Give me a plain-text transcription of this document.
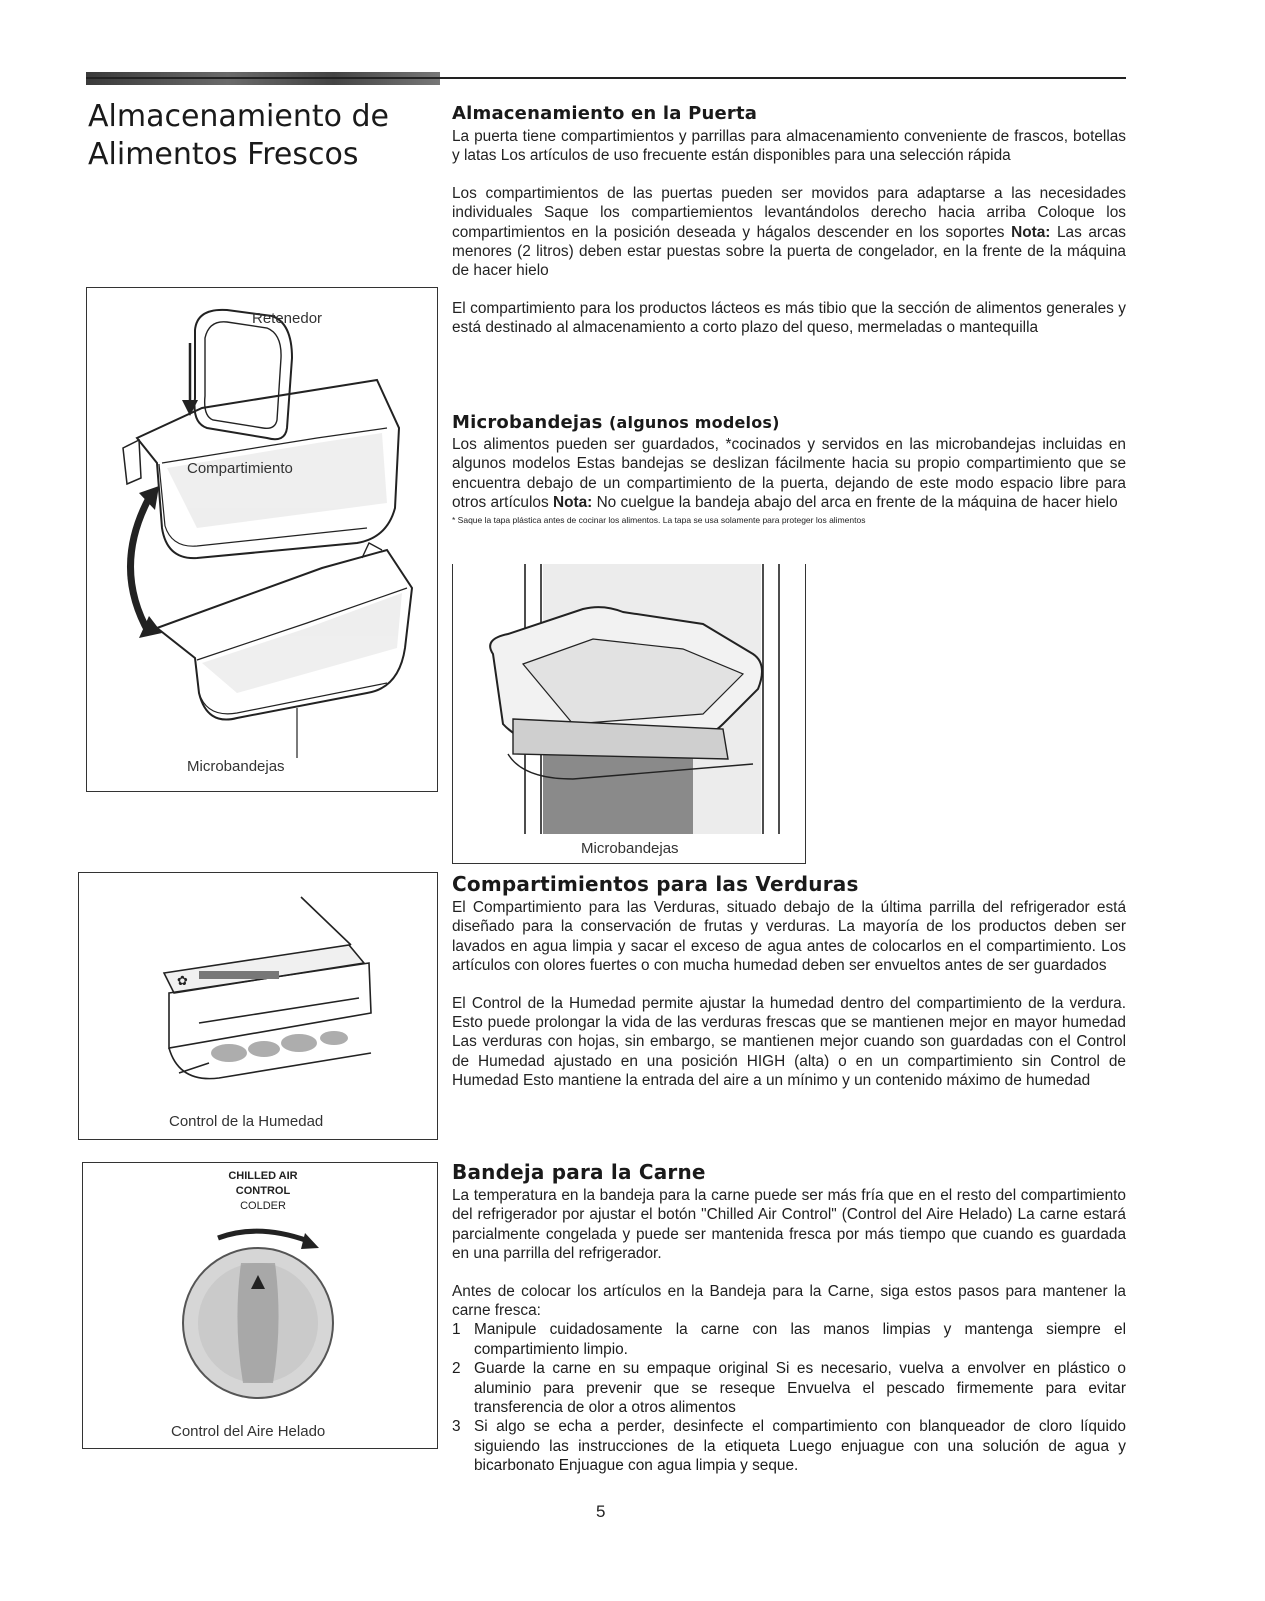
Almacenamiento de
Alimentos Frescos
Retenedor
Compartimiento
Microbandejas
Microbandejas
✿
Control de la Humedad
CHILLED AIR
CONTROL
COLDER
Control del Aire Helado
Almacenamiento en la Puerta

La puerta tiene compartimientos y parrillas para almacenamiento conveniente de frascos, botellas y latas Los artículos de uso frecuente están disponibles para una selección rápida

Los compartimientos de las puertas pueden ser movidos para adaptarse a las necesidades individuales Saque los compartiemientos levantándolos derecho hacia arriba Coloque los compartimientos en la posición deseada y hágalos descender en los soportes Nota: Las arcas menores (2 litros) deben estar puestas sobre la puerta de congelador, en la frente de la máquina de hacer hielo

El compartimiento para los productos lácteos es más tibio que la sección de alimentos generales y está destinado al almacenamiento a corto plazo del queso, mermeladas o mantequilla

Microbandejas (algunos modelos)

Los alimentos pueden ser guardados, *cocinados y servidos en las microbandejas incluidas en algunos modelos Estas bandejas se deslizan fácilmente hacia su propio compartimiento que se encuentra debajo de un compartimiento de la puerta, dejando de este modo espacio libre para otros artículos Nota: No cuelgue la bandeja abajo del arca en frente de la máquina de hacer hielo

* Saque la tapa plástica antes de cocinar los alimentos. La tapa se usa solamente para proteger los alimentos

Compartimientos para las Verduras

El Compartimiento para las Verduras, situado debajo de la última parrilla del refrigerador está diseñado para la conservación de frutas y verduras. La mayoría de los productos deben ser lavados en agua limpia y sacar el exceso de agua antes de colocarlos en el compartimiento. Los artículos con olores fuertes o con mucha humedad deben ser envueltos antes de ser guardados

El Control de la Humedad permite ajustar la humedad dentro del compartimiento de la verdura. Esto puede prolongar la vida de las verduras frescas que se mantienen mejor en mayor humedad Las verduras con hojas, sin embargo, se mantienen mejor cuando son guardadas con el Control de Humedad ajustado en una posición HIGH (alta) o en un compartimiento sin Control de Humedad Esto mantiene la entrada del aire a un mínimo y un contenido máximo de humedad

Bandeja para la Carne

La temperatura en la bandeja para la carne puede ser más fría que en el resto del compartimiento del refrigerador por ajustar el botón "Chilled Air Control" (Control del Aire Helado) La carne estará parcialmente congelada y puede ser mantenida fresca por más tiempo que cuando es guardada en una parrilla del refrigerador.

Antes de colocar los artículos en la Bandeja para la Carne, siga estos pasos para mantener la carne fresca:

1 Manipule cuidadosamente la carne con las manos limpias y mantenga siempre el compartimiento limpio.
2 Guarde la carne en su empaque original Si es necesario, vuelva a envolver en plástico o aluminio para prevenir que se reseque Envuelva el pescado firmemente para evitar transferencia de olor a otros alimentos
3 Si algo se echa a perder, desinfecte el compartimiento con blanqueador de cloro líquido siguiendo las instrucciones de la etiqueta Luego enjuague con una solución de agua y bicarbonato Enjuague con agua limpia y seque.
5
